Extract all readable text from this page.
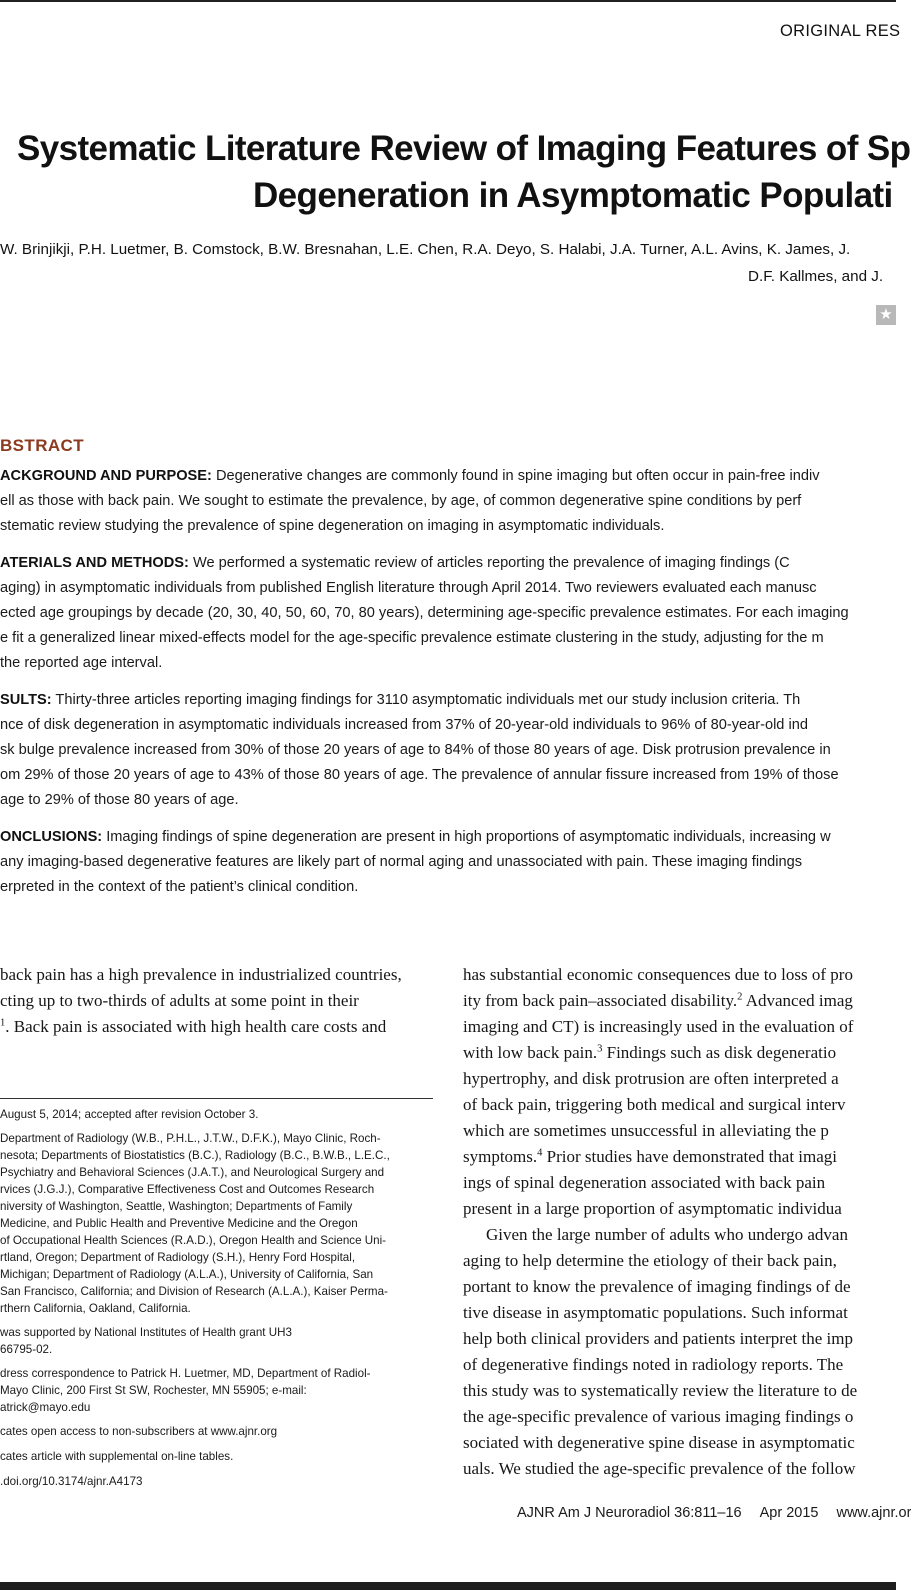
ORIGINAL RES
Systematic Literature Review of Imaging Features of Sp
Degeneration in Asymptomatic Populati
W. Brinjikji, P.H. Luetmer, B. Comstock, B.W. Bresnahan, L.E. Chen, R.A. Deyo, S. Halabi, J.A. Turner, A.L. Avins, K. James, J.
D.F. Kallmes, and J.
★
BSTRACT
ACKGROUND AND PURPOSE: Degenerative changes are commonly found in spine imaging but often occur in pain-free indiv
ell as those with back pain. We sought to estimate the prevalence, by age, of common degenerative spine conditions by perf
stematic review studying the prevalence of spine degeneration on imaging in asymptomatic individuals.
ATERIALS AND METHODS: We performed a systematic review of articles reporting the prevalence of imaging findings (C
aging) in asymptomatic individuals from published English literature through April 2014. Two reviewers evaluated each manusc
ected age groupings by decade (20, 30, 40, 50, 60, 70, 80 years), determining age-specific prevalence estimates. For each imaging
e fit a generalized linear mixed-effects model for the age-specific prevalence estimate clustering in the study, adjusting for the m
the reported age interval.
SULTS: Thirty-three articles reporting imaging findings for 3110 asymptomatic individuals met our study inclusion criteria. Th
nce of disk degeneration in asymptomatic individuals increased from 37% of 20-year-old individuals to 96% of 80-year-old ind
sk bulge prevalence increased from 30% of those 20 years of age to 84% of those 80 years of age. Disk protrusion prevalence in
om 29% of those 20 years of age to 43% of those 80 years of age. The prevalence of annular fissure increased from 19% of those
age to 29% of those 80 years of age.
ONCLUSIONS: Imaging findings of spine degeneration are present in high proportions of asymptomatic individuals, increasing w
any imaging-based degenerative features are likely part of normal aging and unassociated with pain. These imaging findings
erpreted in the context of the patient’s clinical condition.
back pain has a high prevalence in industrialized countries,
cting up to two-thirds of adults at some point in their
$^1$. Back pain is associated with high health care costs and
has substantial economic consequences due to loss of pro
ity from back pain–associated disability.$^2$ Advanced imag
imaging and CT) is increasingly used in the evaluation of
with low back pain.$^3$ Findings such as disk degeneratio
hypertrophy, and disk protrusion are often interpreted a
of back pain, triggering both medical and surgical interv
which are sometimes unsuccessful in alleviating the p
symptoms.$^4$ Prior studies have demonstrated that imagi
ings of spinal degeneration associated with back pain
present in a large proportion of asymptomatic individua
Given the large number of adults who undergo advan
aging to help determine the etiology of their back pain,
portant to know the prevalence of imaging findings of de
tive disease in asymptomatic populations. Such informat
help both clinical providers and patients interpret the imp
of degenerative findings noted in radiology reports. The
this study was to systematically review the literature to de
the age-specific prevalence of various imaging findings o
sociated with degenerative spine disease in asymptomatic
uals. We studied the age-specific prevalence of the follow
August 5, 2014; accepted after revision October 3.
Department of Radiology (W.B., P.H.L., J.T.W., D.F.K.), Mayo Clinic, Roch-
nesota; Departments of Biostatistics (B.C.), Radiology (B.C., B.W.B., L.E.C.,
Psychiatry and Behavioral Sciences (J.A.T.), and Neurological Surgery and
rvices (J.G.J.), Comparative Effectiveness Cost and Outcomes Research
niversity of Washington, Seattle, Washington; Departments of Family
Medicine, and Public Health and Preventive Medicine and the Oregon
of Occupational Health Sciences (R.A.D.), Oregon Health and Science Uni-
rtland, Oregon; Department of Radiology (S.H.), Henry Ford Hospital,
Michigan; Department of Radiology (A.L.A.), University of California, San
San Francisco, California; and Division of Research (A.L.A.), Kaiser Perma-
rthern California, Oakland, California.
was supported by National Institutes of Health grant UH3
66795-02.
dress correspondence to Patrick H. Luetmer, MD, Department of Radiol-
Mayo Clinic, 200 First St SW, Rochester, MN 55905; e-mail:
atrick@mayo.edu
cates open access to non-subscribers at www.ajnr.org
cates article with supplemental on-line tables.
.doi.org/10.3174/ajnr.A4173
AJNR Am J Neuroradiol 36:811–16 Apr 2015 www.ajnr.or
